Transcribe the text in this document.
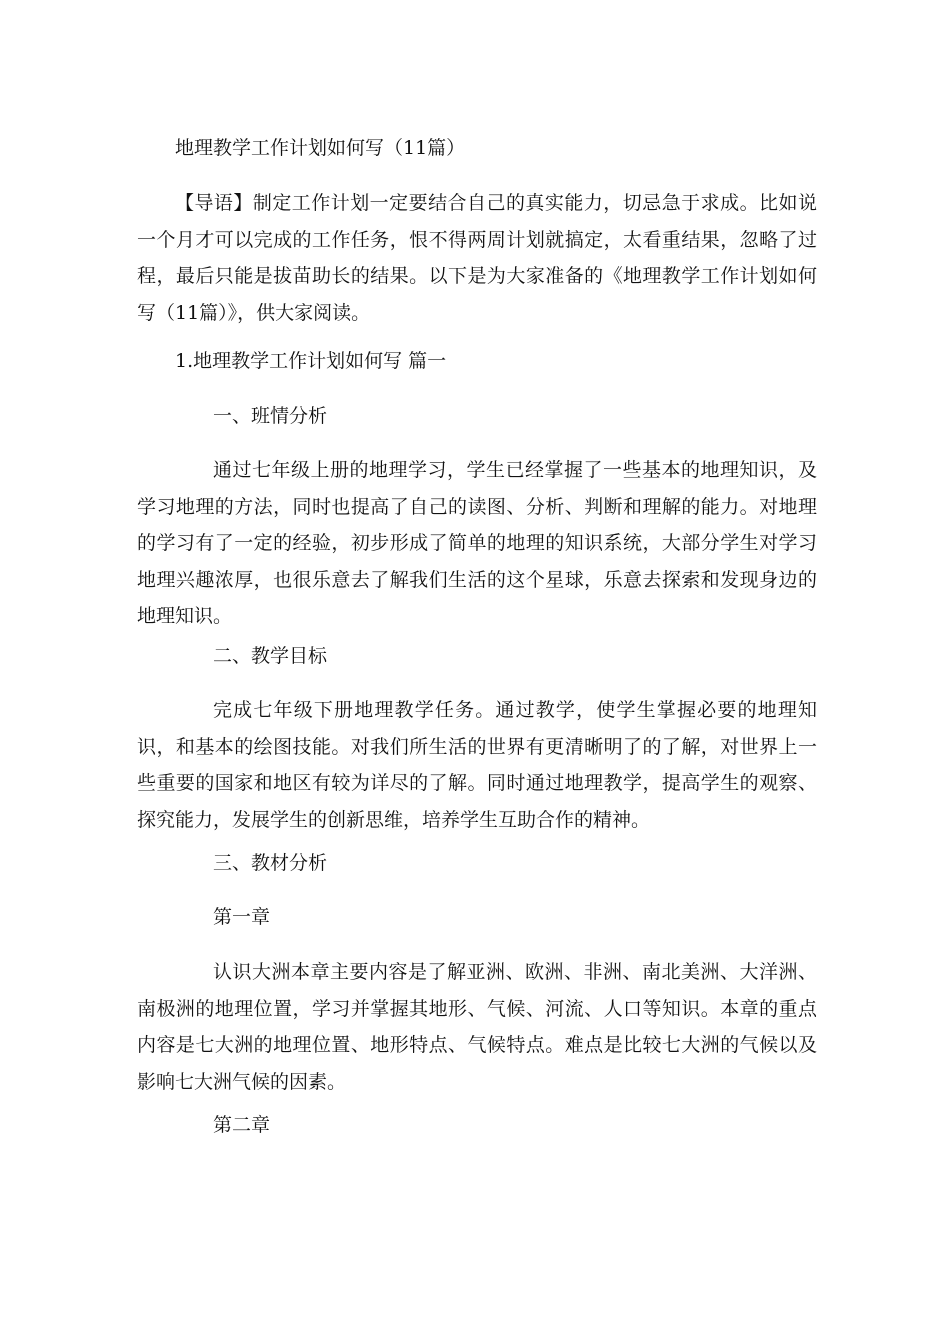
地理教学工作计划如何写（11篇）

【导语】制定工作计划一定要结合自己的真实能力，切忌急于求成。比如说一个月才可以完成的工作任务，恨不得两周计划就搞定，太看重结果，忽略了过程，最后只能是拔苗助长的结果。以下是为大家准备的《地理教学工作计划如何写（11篇）》，供大家阅读。

1.地理教学工作计划如何写 篇一

一、班情分析

通过七年级上册的地理学习，学生已经掌握了一些基本的地理知识，及学习地理的方法，同时也提高了自己的读图、分析、判断和理解的能力。对地理的学习有了一定的经验，初步形成了简单的地理的知识系统，大部分学生对学习地理兴趣浓厚，也很乐意去了解我们生活的这个星球，乐意去探索和发现身边的地理知识。

二、教学目标

完成七年级下册地理教学任务。通过教学，使学生掌握必要的地理知识，和基本的绘图技能。对我们所生活的世界有更清晰明了的了解，对世界上一些重要的国家和地区有较为详尽的了解。同时通过地理教学，提高学生的观察、探究能力，发展学生的创新思维，培养学生互助合作的精神。

三、教材分析

第一章

认识大洲本章主要内容是了解亚洲、欧洲、非洲、南北美洲、大洋洲、南极洲的地理位置，学习并掌握其地形、气候、河流、人口等知识。本章的重点内容是七大洲的地理位置、地形特点、气候特点。难点是比较七大洲的气候以及影响七大洲气候的因素。

第二章
